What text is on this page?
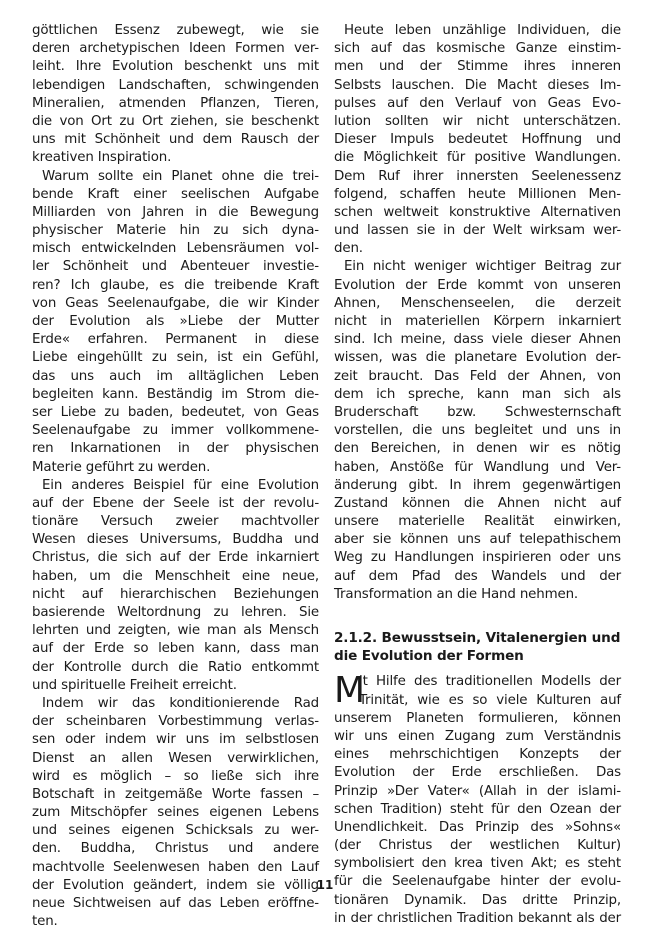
göttlichen Essenz zubewegt, wie sie
deren archetypischen Ideen Formen ver-
leiht. Ihre Evolution beschenkt uns mit
lebendigen Landschaften, schwingenden
Mineralien, atmenden Pflanzen, Tieren,
die von Ort zu Ort ziehen, sie beschenkt
uns mit Schönheit und dem Rausch der
kreativen Inspiration.
Warum sollte ein Planet ohne die trei-
bende Kraft einer seelischen Aufgabe
Milliarden von Jahren in die Bewegung
physischer Materie hin zu sich dyna-
misch entwickelnden Lebensräumen vol-
ler Schönheit und Abenteuer investie-
ren? Ich glaube, es die treibende Kraft
von Geas Seelenaufgabe, die wir Kinder
der Evolution als »Liebe der Mutter
Erde« erfahren. Permanent in diese
Liebe eingehüllt zu sein, ist ein Gefühl,
das uns auch im alltäglichen Leben
begleiten kann. Beständig im Strom die-
ser Liebe zu baden, bedeutet, von Geas
Seelenaufgabe zu immer vollkommene-
ren Inkarnationen in der physischen
Materie geführt zu werden.
Ein anderes Beispiel für eine Evolution
auf der Ebene der Seele ist der revolu-
tionäre Versuch zweier machtvoller
Wesen dieses Universums, Buddha und
Christus, die sich auf der Erde inkarniert
haben, um die Menschheit eine neue,
nicht auf hierarchischen Beziehungen
basierende Weltordnung zu lehren. Sie
lehrten und zeigten, wie man als Mensch
auf der Erde so leben kann, dass man
der Kontrolle durch die Ratio entkommt
und spirituelle Freiheit erreicht.
Indem wir das konditionierende Rad
der scheinbaren Vorbestimmung verlas-
sen oder indem wir uns im selbstlosen
Dienst an allen Wesen verwirklichen,
wird es möglich – so ließe sich ihre
Botschaft in zeitgemäße Worte fassen –
zum Mitschöpfer seines eigenen Lebens
und seines eigenen Schicksals zu wer-
den. Buddha, Christus und andere
machtvolle Seelenwesen haben den Lauf
der Evolution geändert, indem sie völlig
neue Sichtweisen auf das Leben eröffne-
ten.
Heute leben unzählige Individuen, die
sich auf das kosmische Ganze einstim-
men und der Stimme ihres inneren
Selbsts lauschen. Die Macht dieses Im-
pulses auf den Verlauf von Geas Evo-
lution sollten wir nicht unterschätzen.
Dieser Impuls bedeutet Hoffnung und
die Möglichkeit für positive Wandlungen.
Dem Ruf ihrer innersten Seelenessenz
folgend, schaffen heute Millionen Men-
schen weltweit konstruktive Alternativen
und lassen sie in der Welt wirksam wer-
den.
Ein nicht weniger wichtiger Beitrag zur
Evolution der Erde kommt von unseren
Ahnen, Menschenseelen, die derzeit
nicht in materiellen Körpern inkarniert
sind. Ich meine, dass viele dieser Ahnen
wissen, was die planetare Evolution der-
zeit braucht. Das Feld der Ahnen, von
dem ich spreche, kann man sich als
Bruderschaft bzw. Schwesternschaft
vorstellen, die uns begleitet und uns in
den Bereichen, in denen wir es nötig
haben, Anstöße für Wandlung und Ver-
änderung gibt. In ihrem gegenwärtigen
Zustand können die Ahnen nicht auf
unsere materielle Realität einwirken,
aber sie können uns auf telepathischem
Weg zu Handlungen inspirieren oder uns
auf dem Pfad des Wandels und der
Transformation an die Hand nehmen.
2.1.2. Bewusstsein, Vitalenergien und
die Evolution der Formen
M
it Hilfe des traditionellen Modells der
Trinität, wie es so viele Kulturen auf
unserem Planeten formulieren, können
wir uns einen Zugang zum Verständnis
eines mehrschichtigen Konzepts der
Evolution der Erde erschließen. Das
Prinzip »Der Vater« (Allah in der islami-
schen Tradition) steht für den Ozean der
Unendlichkeit. Das Prinzip des »Sohns«
(der Christus der westlichen Kultur)
symbolisiert den krea tiven Akt; es steht
für die Seelenaufgabe hinter der evolu-
tionären Dynamik. Das dritte Prinzip,
in der christlichen Tradition bekannt als der
11
